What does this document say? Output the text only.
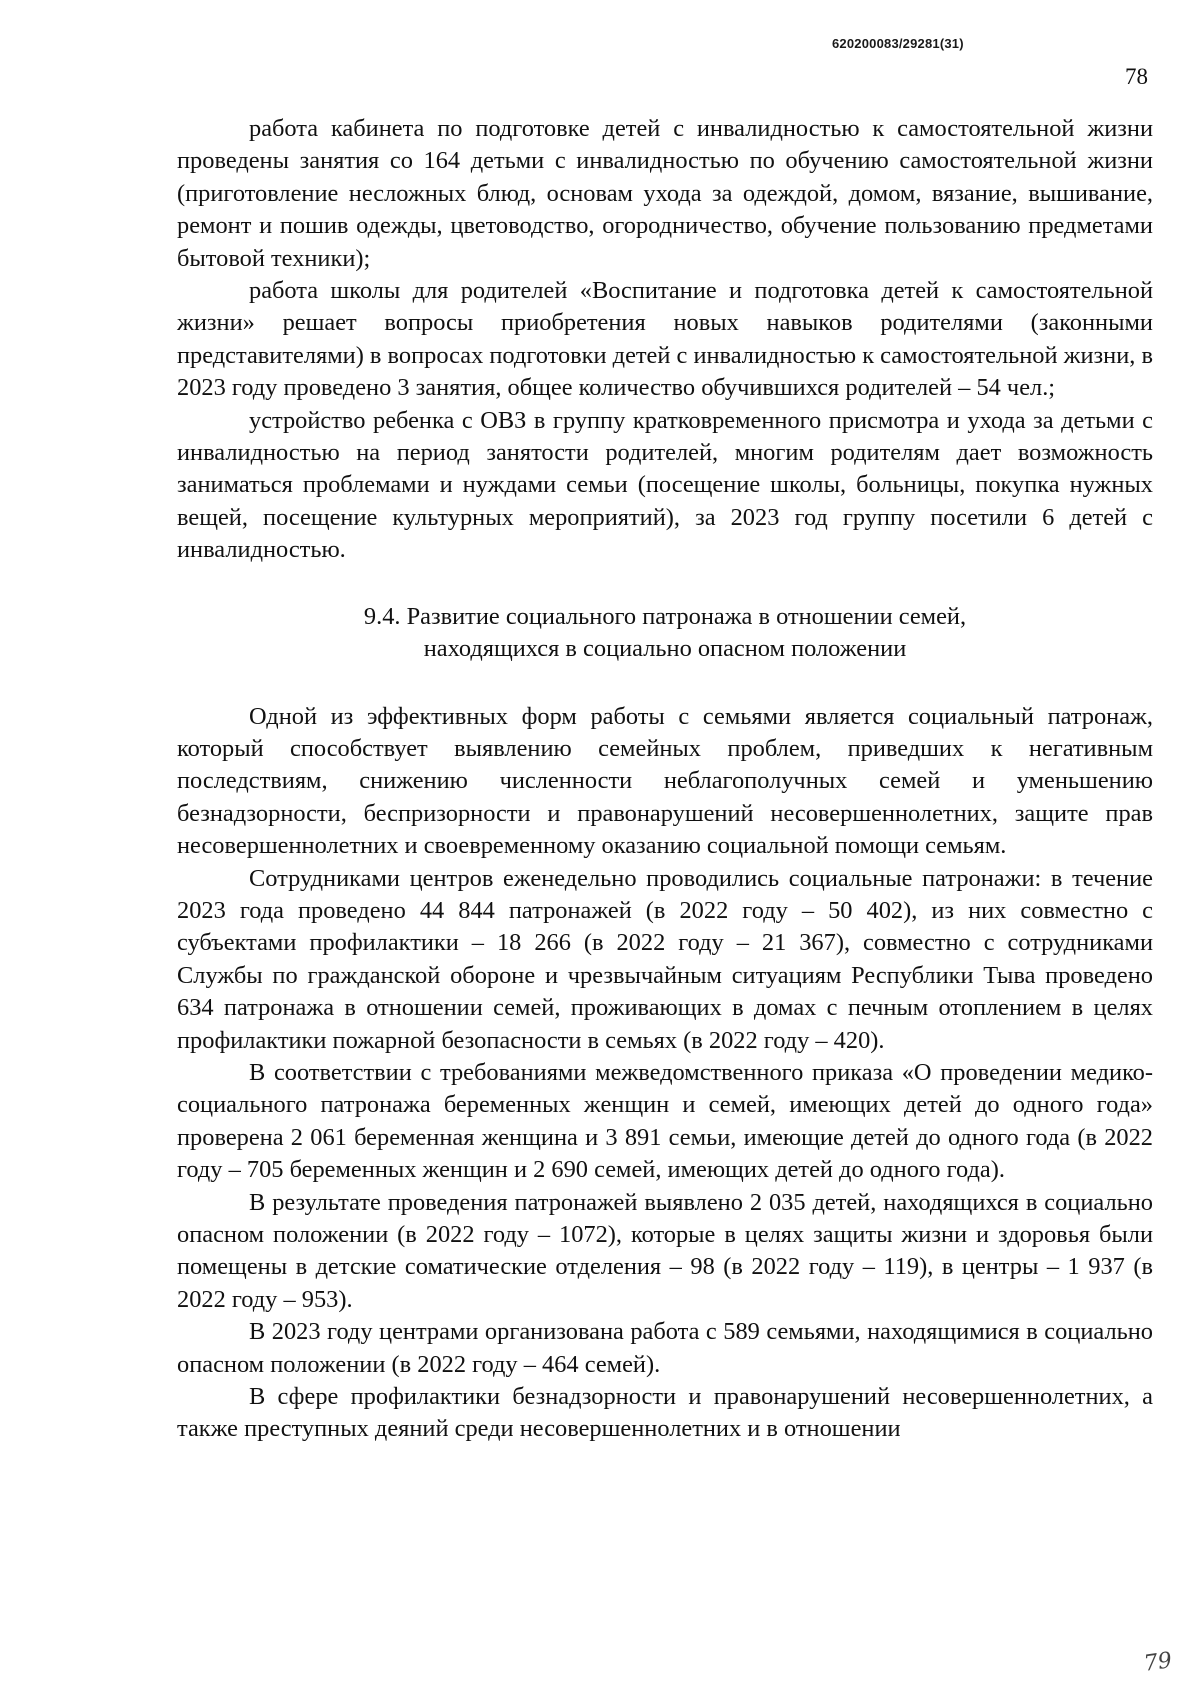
620200083/29281(31)
78

работа кабинета по подготовке детей с инвалидностью к самостоятельной жизни проведены занятия со 164 детьми с инвалидностью по обучению самостоятельной жизни (приготовление несложных блюд, основам ухода за одеждой, домом, вязание, вышивание, ремонт и пошив одежды, цветоводство, огородничество, обучение пользованию предметами бытовой техники);

работа школы для родителей «Воспитание и подготовка детей к самостоятельной жизни» решает вопросы приобретения новых навыков родителями (законными представителями) в вопросах подготовки детей с инвалидностью к самостоятельной жизни, в 2023 году проведено 3 занятия, общее количество обучившихся родителей – 54 чел.;

устройство ребенка с ОВЗ в группу кратковременного присмотра и ухода за детьми с инвалидностью на период занятости родителей, многим родителям дает возможность заниматься проблемами и нуждами семьи (посещение школы, больницы, покупка нужных вещей, посещение культурных мероприятий), за 2023 год группу посетили 6 детей с инвалидностью.

9.4. Развитие социального патронажа в отношении семей,
находящихся в социально опасном положении

Одной из эффективных форм работы с семьями является социальный патронаж, который способствует выявлению семейных проблем, приведших к негативным последствиям, снижению численности неблагополучных семей и уменьшению безнадзорности, беспризорности и правонарушений несовершеннолетних, защите прав несовершеннолетних и своевременному оказанию социальной помощи семьям.

Сотрудниками центров еженедельно проводились социальные патронажи: в течение 2023 года проведено 44 844 патронажей (в 2022 году – 50 402), из них совместно с субъектами профилактики – 18 266 (в 2022 году – 21 367), совместно с сотрудниками Службы по гражданской обороне и чрезвычайным ситуациям Республики Тыва проведено 634 патронажа в отношении семей, проживающих в домах с печным отоплением в целях профилактики пожарной безопасности в семьях (в 2022 году – 420).

В соответствии с требованиями межведомственного приказа «О проведении медико-социального патронажа беременных женщин и семей, имеющих детей до одного года» проверена 2 061 беременная женщина и 3 891 семьи, имеющие детей до одного года (в 2022 году – 705 беременных женщин и 2 690 семей, имеющих детей до одного года).

В результате проведения патронажей выявлено 2 035 детей, находящихся в социально опасном положении (в 2022 году – 1072), которые в целях защиты жизни и здоровья были помещены в детские соматические отделения – 98 (в 2022 году – 119), в центры – 1 937 (в 2022 году – 953).

В 2023 году центрами организована работа с 589 семьями, находящимися в социально опасном положении (в 2022 году – 464 семей).

В сфере профилактики безнадзорности и правонарушений несовершеннолетних, а также преступных деяний среди несовершеннолетних и в отношении

79
